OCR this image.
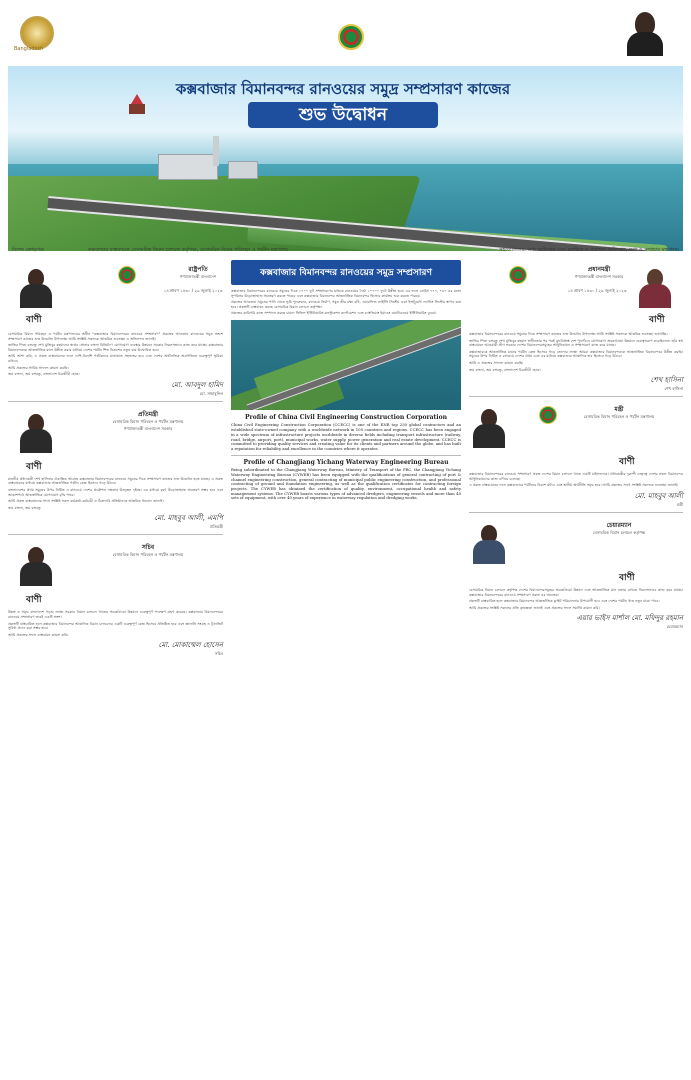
Bangladesh
কক্সবাজার বিমানবন্দর রানওয়ের সমুদ্র সম্প্রসারণ কাজের
শুভ উদ্বোধন
বিশেষ ক্রোড়পত্র	কক্সবাজার বাস্তবায়নে বেসামরিক বিমান চলাচল কর্তৃপক্ষ, বেসামরিক বিমান পরিবহন ও পর্যটন মন্ত্রণালয়	সহযোগিতায়: তথ্য অধিদপ্তর এবং চলচ্চিত্র ও প্রকাশনা অধিদপ্তর, তথ্য ও সম্প্রচার মন্ত্রণালয়
রাষ্ট্রপতি
গণপ্রজাতন্ত্রী বাংলাদেশ
১৪ শ্রাবণ ১৪৩০ / ২৯ জুলাই ২০২৩
বাণী

বেসামরিক বিমান পরিবহন ও পর্যটন মন্ত্রণালয়ের অধীন "কক্সবাজার বিমানবন্দরের রানওয়ে সম্প্রসারণ" প্রকল্পের আওতায় রানওয়ের সমুদ্র অংশে সম্প্রসারণ কাজের শুভ উদ্বোধন উপলক্ষ্যে আমি সংশ্লিষ্ট সকলকে আন্তরিক শুভেচ্ছা ও অভিনন্দন জানাই।

জাতির পিতা বঙ্গবন্ধু শেখ মুজিবুর রহমানের স্বপ্নের সোনার বাংলা বিনির্মাণে যোগাযোগ ব্যবস্থার উন্নয়নে সরকার নিরলসভাবে কাজ করে যাচ্ছে। কক্সবাজার বিমানবন্দরকে আন্তর্জাতিক মানে উন্নীত করার মাধ্যমে দেশের পর্যটন শিল্প বিকাশের নতুন দ্বার উন্মোচিত হবে।

আমি আশা করি, এ প্রকল্প বাস্তবায়নের ফলে দেশি-বিদেশি পর্যটকদের যাতায়াত সহজতর হবে এবং দেশের অর্থনৈতিক অগ্রগতিতে গুরুত্বপূর্ণ ভূমিকা রাখবে।

আমি প্রকল্পের সার্বিক সাফল্য কামনা করছি।

জয় বাংলা, জয় বঙ্গবন্ধু, বাংলাদেশ চিরজীবী হোক।

মো. আবদুল হামিদ
মো. সাহাবুদ্দিন
প্রতিমন্ত্রী
বেসামরিক বিমান পরিবহন ও পর্যটন মন্ত্রণালয় গণপ্রজাতন্ত্রী বাংলাদেশ সরকার
বাণী

মাননীয় প্রধানমন্ত্রী শেখ হাসিনার ঐকান্তিক আগ্রহে কক্সবাজার বিমানবন্দরের রানওয়ে সমুদ্রের দিকে সম্প্রসারণ কাজের শুভ উদ্বোধন হতে যাচ্ছে। এ প্রকল্প বাস্তবায়নের মাধ্যমে কক্সবাজার আন্তর্জাতিক পর্যটন কেন্দ্র হিসেবে গড়ে উঠবে।

বাংলাদেশের প্রথম সমুদ্রের উপর নির্মিত এ রানওয়ে দেশের প্রকৌশল দক্ষতার উজ্জ্বল দৃষ্টান্ত। এর মাধ্যমে বৃহৎ উড়োজাহাজ অবতরণ সম্ভব হবে এবং আকাশপথে আন্তর্জাতিক যোগাযোগ বৃদ্ধি পাবে।

আমি প্রকল্প বাস্তবায়নের সাথে সংশ্লিষ্ট সকল কর্মকর্তা-কর্মচারী ও ঠিকাদারি প্রতিষ্ঠানকে আন্তরিক ধন্যবাদ জানাই।

জয় বাংলা, জয় বঙ্গবন্ধু

মো. মাহবুব আলী, এমপি
প্রতিমন্ত্রী
সচিব
বেসামরিক বিমান পরিবহন ও পর্যটন মন্ত্রণালয়
বাণী

উন্নত ও সমৃদ্ধ বাংলাদেশ গড়ার লক্ষ্যে সরকার বিমান চলাচল খাতের অবকাঠামো উন্নয়নে গুরুত্বপূর্ণ পদক্ষেপ গ্রহণ করেছে। কক্সবাজার বিমানবন্দরের রানওয়ে সম্প্রসারণ তারই একটি অংশ।

প্রকল্পটি বাস্তবায়িত হলে কক্সবাজার বিমানবন্দর আঞ্চলিক বিমান চলাচলের একটি গুরুত্বপূর্ণ কেন্দ্র হিসেবে প্রতিষ্ঠিত হবে এবং জ্বালানি সংগ্রহ ও ট্রানজিট সুবিধা প্রদান করা সম্ভব হবে।

আমি প্রকল্পের সফল বাস্তবায়ন কামনা করি।

মো. মোকাম্মেল হোসেন
সচিব
কক্সবাজার বিমানবন্দর রানওয়ের সমুদ্র সম্প্রসারণ

কক্সবাজার বিমানবন্দরের রানওয়ে সমুদ্রের দিকে ১৭০০ ফুট সম্প্রসারণের মাধ্যমে রানওয়ের দৈর্ঘ্য ১০৭০০ ফুটে উন্নীত হবে। এর ফলে বোয়িং ৭৭৭, ৭৪৭ এর মতো সুপরিসর উড়োজাহাজ অবতরণ করতে পারবে এবং কক্সবাজার বিমানবন্দর আন্তর্জাতিক বিমানবন্দর হিসেবে কার্যক্রম শুরু করতে পারবে।

প্রকল্পের আওতায় সমুদ্রের পানি থেকে ভূমি পুনরুদ্ধার, রানওয়ে নির্মাণ, সমুদ্র তীর রক্ষা বাঁধ, এয়ারফিল্ড লাইটিং সিস্টেম এবং ইন্সট্রুমেন্ট ল্যান্ডিং সিস্টেম স্থাপন করা হবে। প্রকল্পটি বাস্তবায়ন করছে বেসামরিক বিমান চলাচল কর্তৃপক্ষ।

প্রকল্পের কারিগরি কাজ সম্পাদন করছে চায়না সিভিল ইঞ্জিনিয়ারিং কনস্ট্রাকশন কর্পোরেশন এবং চ্যাংজিয়াং ইয়াচেং ওয়াটারওয়ে ইঞ্জিনিয়ারিং ব্যুরো।

Profile of China Civil Engineering Construction Corporation

China Civil Engineering Construction Corporation (CCECC) is one of the ENR top 250 global contractors and an established state-owned company with a worldwide network in 100 countries and regions. CCECC has been engaged in a wide spectrum of infrastructure projects worldwide in diverse fields including transport infrastructure (railway, road, bridge, airport, port), municipal works, water supply, power generation and real estate development. CCECC is committed to providing quality services and creating value for its clients and partners around the globe, and has built a reputation for reliability and excellence in the countries where it operates.

Profile of Changjiang Yichang Waterway Engineering Bureau

Being subordinated to the Changjiang Waterway Bureau, Ministry of Transport of the PRC, the Changjiang Yichang Waterway Engineering Bureau (CYWEB) has been equipped with the qualifications of general contracting of port & channel engineering construction, general contracting of municipal public engineering construction, and professional contracting of ground and foundation engineering, as well as the qualification certificates for contracting foreign projects. The CYWEB has obtained the certification of quality, environment, occupational health and safety management systems. The CYWEB boasts various types of advanced dredgers, engineering vessels and more than 40 sets of equipment, with over 40 years of experience in waterway regulation and dredging works.

প্রধানমন্ত্রী
গণপ্রজাতন্ত্রী বাংলাদেশ সরকার
১৪ শ্রাবণ ১৪৩০ / ২৯ জুলাই ২০২৩
বাণী

কক্সবাজার বিমানবন্দরের রানওয়ে সমুদ্রের দিকে সম্প্রসারণ কাজের শুভ উদ্বোধন উপলক্ষ্যে আমি সংশ্লিষ্ট সকলকে আন্তরিক শুভেচ্ছা জানাচ্ছি।

জাতির পিতা বঙ্গবন্ধু শেখ মুজিবুর রহমান স্বাধীনতার পর পরই যুদ্ধবিধ্বস্ত দেশ পুনর্গঠনে যোগাযোগ অবকাঠামো উন্নয়নে গুরুত্বারোপ করেছিলেন। তাঁর স্বপ্ন বাস্তবায়নে আওয়ামী লীগ সরকার দেশের বিমানবন্দরসমূহের আধুনিকায়ন ও সম্প্রসারণে কাজ করে যাচ্ছে।

কক্সবাজারকে আন্তর্জাতিক মানের পর্যটন কেন্দ্র হিসেবে গড়ে তোলার লক্ষ্যে আমরা কক্সবাজার বিমানবন্দরকে আন্তর্জাতিক বিমানবন্দরে উন্নীত করছি। সমুদ্রের উপর নির্মিত এ রানওয়ে দেশের প্রথম এবং এর মাধ্যমে কক্সবাজার আঞ্চলিক হাব হিসেবে গড়ে উঠবে।

আমি এ প্রকল্পের সাফল্য কামনা করছি।

জয় বাংলা, জয় বঙ্গবন্ধু, বাংলাদেশ চিরজীবী হোক।

শেখ হাসিনা
শেখ হাসিনা
মন্ত্রী
বেসামরিক বিমান পরিবহন ও পর্যটন মন্ত্রণালয়
বাণী

কক্সবাজার বিমানবন্দরের রানওয়ে সম্প্রসারণ প্রকল্প দেশের বিমান চলাচল খাতে একটি মাইলফলক। প্রধানমন্ত্রীর দূরদর্শী নেতৃত্বে দেশের সকল বিমানবন্দর আধুনিকায়নের কাজ এগিয়ে চলেছে।

এ প্রকল্প বাস্তবায়নের ফলে কক্সবাজারে পর্যটনের বিকাশ ঘটবে এবং স্থানীয় অর্থনীতি সমৃদ্ধ হবে। আমি প্রকল্পের সাথে সংশ্লিষ্ট সকলকে শুভেচ্ছা জানাই।

মো. মাহবুব আলী
মন্ত্রী
চেয়ারম্যান
বেসামরিক বিমান চলাচল কর্তৃপক্ষ
বাণী

বেসামরিক বিমান চলাচল কর্তৃপক্ষ দেশের বিমানবন্দরসমূহের অবকাঠামো উন্নয়ন এবং আন্তর্জাতিক মান বজায় রাখতে নিরলসভাবে কাজ করে যাচ্ছে। কক্সবাজার বিমানবন্দরের রানওয়ে সম্প্রসারণ প্রকল্প এর অন্যতম।

প্রকল্পটি বাস্তবায়িত হলে কক্সবাজার বিমানবন্দর আন্তর্জাতিক ফ্লাইট পরিচালনার উপযোগী হবে এবং দেশের পর্যটন খাত নতুন মাত্রা পাবে।

আমি প্রকল্পের সংশ্লিষ্ট সকলের প্রতি কৃতজ্ঞতা জানাই এবং প্রকল্পের সফল সমাপ্তি কামনা করি।

এয়ার ভাইস মার্শাল মো. মফিদুর রহমান
চেয়ারম্যান
